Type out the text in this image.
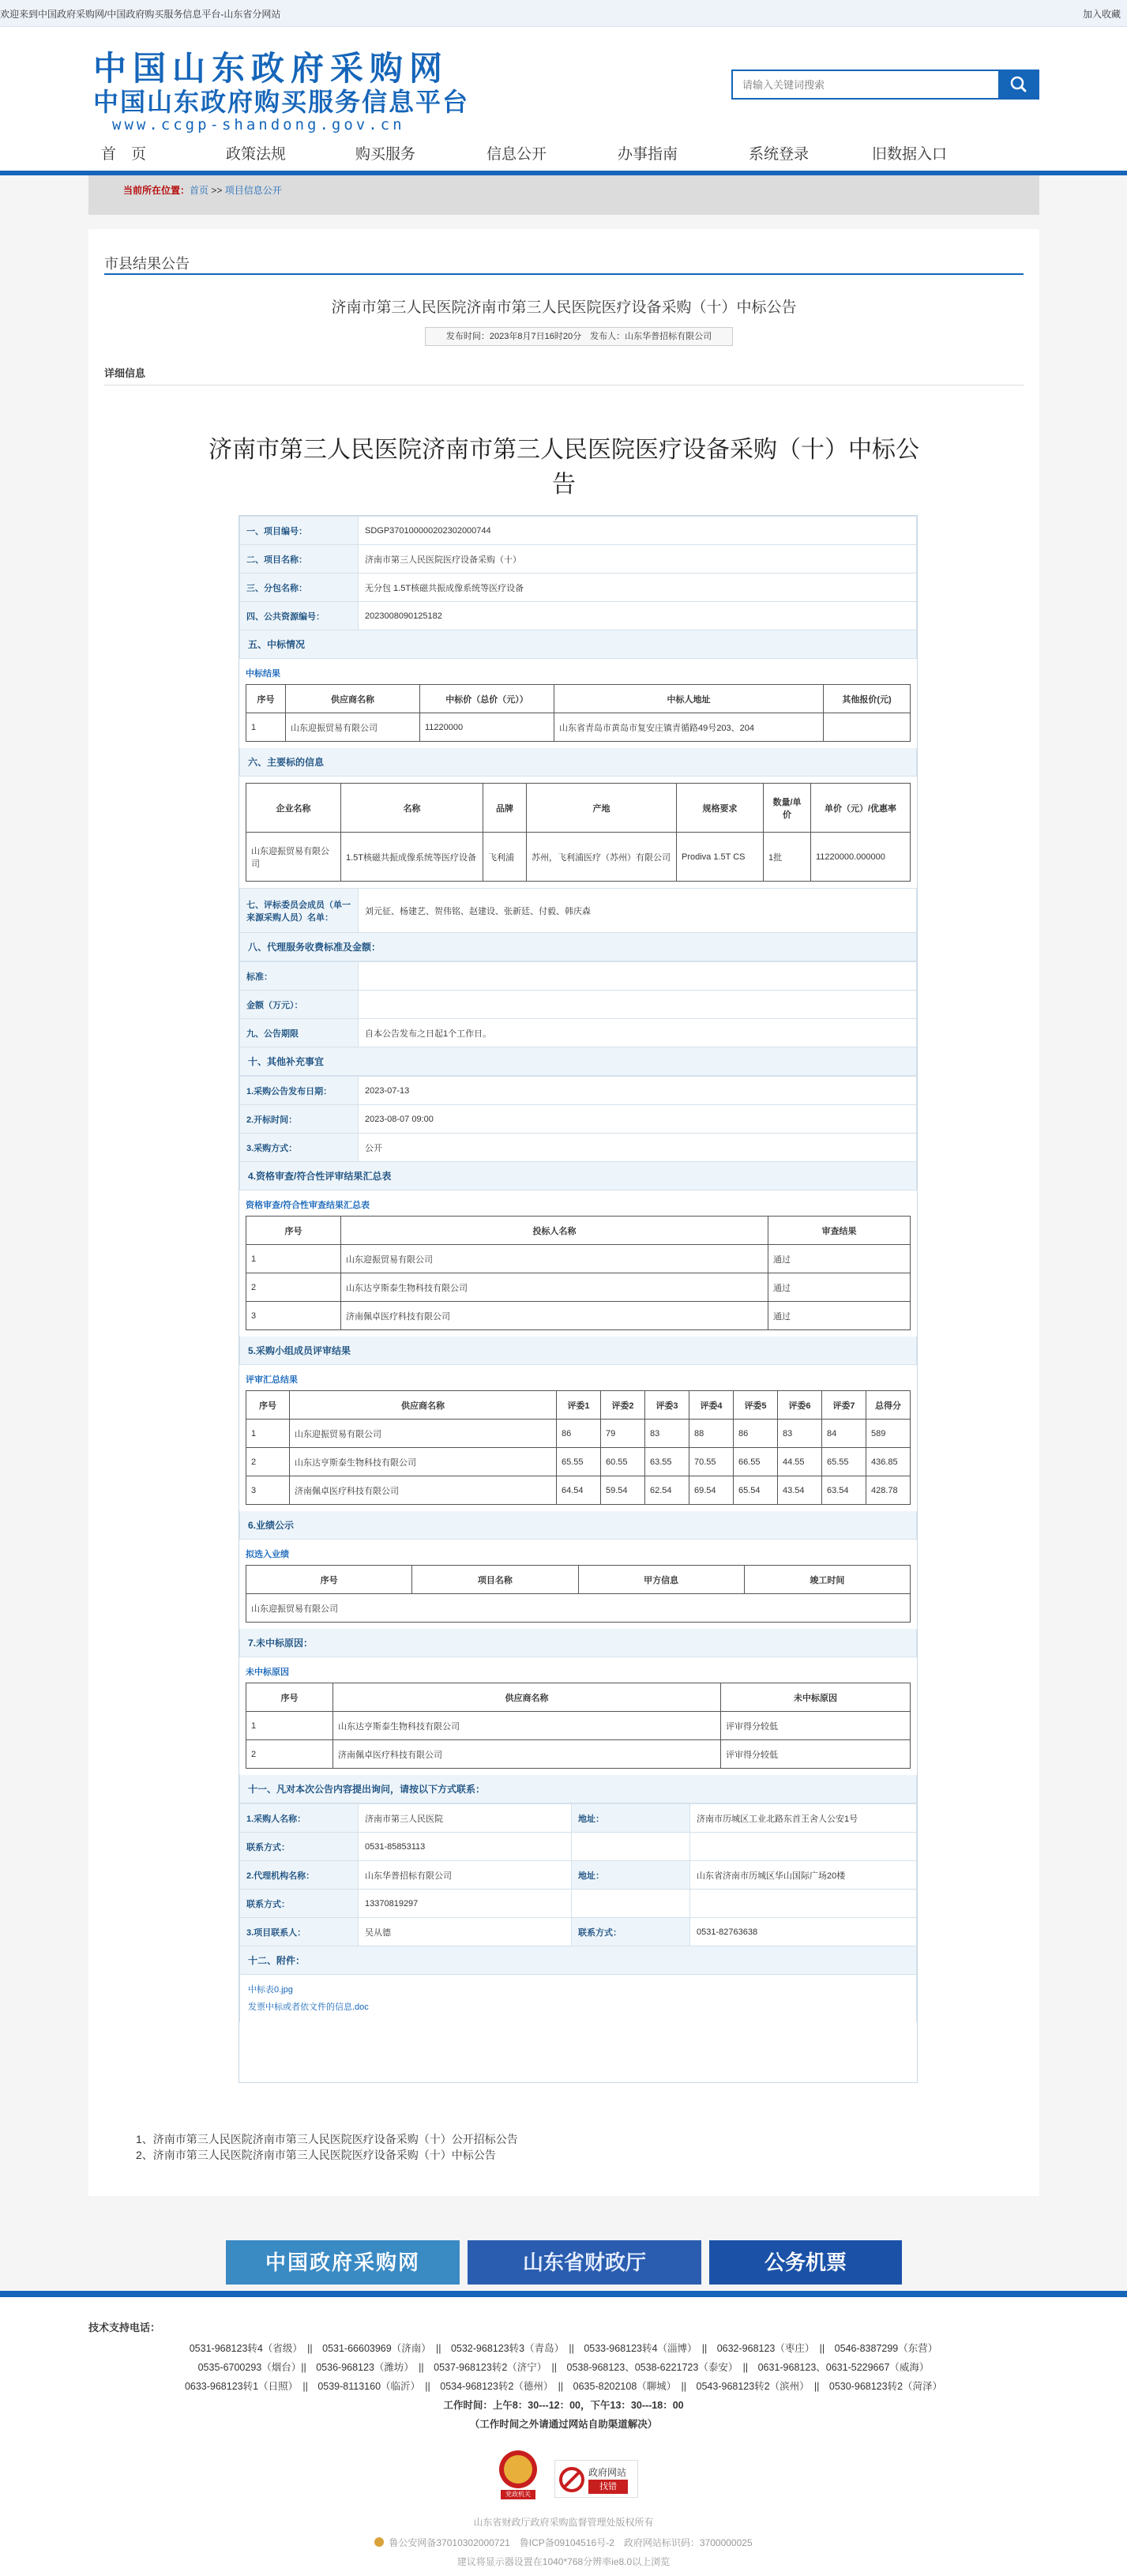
欢迎来到中国政府采购网/中国政府购买服务信息平台-山东省分网站	加入收藏
中国山东政府采购网
中国山东政府购买服务信息平台
www.ccgp-shandong.gov.cn
请输入关键词搜索
首　页	政策法规	购买服务	信息公开	办事指南	系统登录	旧数据入口
当前所在位置：首页 >> 项目信息公开
市县结果公告
济南市第三人民医院济南市第三人民医院医疗设备采购（十）中标公告
发布时间：2023年8月7日16时20分　发布人：山东华普招标有限公司
详细信息
济南市第三人民医院济南市第三人民医院医疗设备采购（十）中标公告
一、项目编号：	SDGP370100000202302000744
二、项目名称：	济南市第三人民医院医疗设备采购（十）
三、分包名称：	无分包 1.5T核磁共振成像系统等医疗设备
四、公共资源编号：	2023008090125182
五、中标情况
中标结果
序号	供应商名称	中标价（总价（元））	中标人地址	其他报价(元)
1	山东迎振贸易有限公司	11220000	山东省青岛市黄岛市复安庄镇青循路49号203、204	
六、主要标的信息
企业名称	名称	品牌	产地	规格要求	数量/单价	单价（元）/优惠率
山东迎振贸易有限公司	1.5T核磁共振成像系统等医疗设备	飞利浦	苏州，飞利浦医疗（苏州）有限公司	Prodiva 1.5T CS	1批	11220000.000000
七、评标委员会成员（单一来源采购人员）名单：	刘元征、杨建艺、贺伟铭、赵建设、张新廷、付毅、韩庆森
八、代理服务收费标准及金额：
标准：	
金额（万元）：	
九、公告期限	自本公告发布之日起1个工作日。
十、其他补充事宜
1.采购公告发布日期：	2023-07-13
2.开标时间：	2023-08-07 09:00
3.采购方式：	公开
4.资格审查/符合性评审结果汇总表
资格审查/符合性审查结果汇总表
序号	投标人名称	审查结果
1	山东迎振贸易有限公司	通过
2	山东达亨斯泰生物科技有限公司	通过
3	济南佩卓医疗科技有限公司	通过
5.采购小组成员评审结果
评审汇总结果
序号	供应商名称	评委1	评委2	评委3	评委4	评委5	评委6	评委7	总得分
1	山东迎振贸易有限公司	86	79	83	88	86	83	84	589
2	山东达亨斯泰生物科技有限公司	65.55	60.55	63.55	70.55	66.55	44.55	65.55	436.85
3	济南佩卓医疗科技有限公司	64.54	59.54	62.54	69.54	65.54	43.54	63.54	428.78
6.业绩公示
拟选入业绩
序号	项目名称	甲方信息	竣工时间
山东迎振贸易有限公司
7.未中标原因：
未中标原因
序号	供应商名称	未中标原因
1	山东达亨斯泰生物科技有限公司	评审得分较低
2	济南佩卓医疗科技有限公司	评审得分较低
十一、凡对本次公告内容提出询问，请按以下方式联系：
1.采购人名称：	济南市第三人民医院	地址：	济南市历城区工业北路东首王舍人公安1号
联系方式：	0531-85853113		
2.代理机构名称：	山东华普招标有限公司	地址：	山东省济南市历城区华山国际广场20楼
联系方式：	13370819297		
3.项目联系人：	吴从德	联系方式：	0531-82763638
十二、附件：
中标表0.jpg
发票中标或者依文件的信息.doc
1、济南市第三人民医院济南市第三人民医院医疗设备采购（十）公开招标公告
2、济南市第三人民医院济南市第三人民医院医疗设备采购（十）中标公告
中国政府采购网	山东省财政厅	公务机票
技术支持电话：
0531-968123转4（省级）　||　0531-66603969（济南）　||　0532-968123转3（青岛）　||　0533-968123转4（淄博）　||　0632-968123（枣庄）　||　0546-8387299（东营）
0535-6700293（烟台）||　0536-968123（潍坊）　||　0537-968123转2（济宁）　||　0538-968123、0538-6221723（泰安）　||　0631-968123、0631-5229667（威海）
0633-968123转1（日照）　||　0539-8113160（临沂）　||　0534-968123转2（德州）　||　0635-8202108（聊城）　||　0543-968123转2（滨州）　||　0530-968123转2（菏泽）
工作时间：上午8：30---12：00，下午13：30---18：00
（工作时间之外请通过网站自助渠道解决）
党政机关
政府网站
找错
山东省财政厅政府采购监督管理处版权所有
鲁公安网备37010302000721　鲁ICP备09104516号-2　政府网站标识码：3700000025
建议将显示器设置在1040*768分辨率ie8.0以上浏览
